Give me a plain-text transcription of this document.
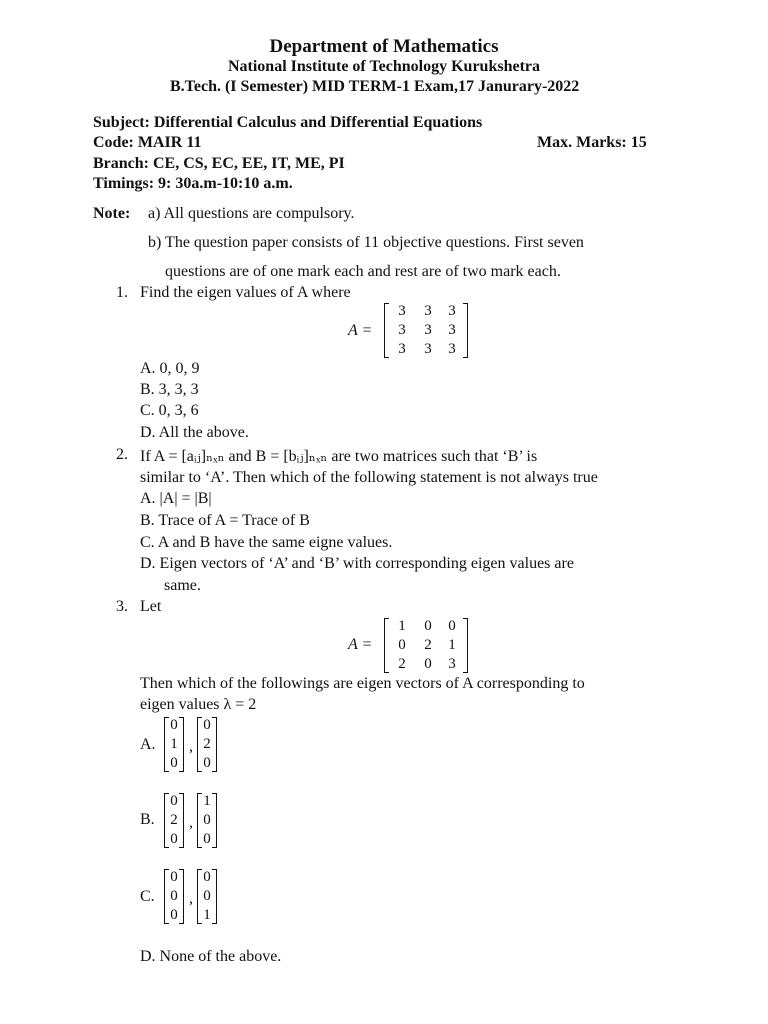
Department of Mathematics
National Institute of Technology Kurukshetra
B.Tech. (I Semester) MID TERM-1 Exam,17 Janurary-2022
Subject: Differential Calculus and Differential Equations
Code: MAIR 11	Max. Marks: 15
Branch: CE, CS, EC, EE, IT, ME, PI
Timings: 9: 30a.m-10:10 a.m.
Note: a) All questions are compulsory.
b) The question paper consists of 11 objective questions. First seven
questions are of one mark each and rest are of two mark each.
1. Find the eigen values of A where
A =
3	3	3
3	3	3
3	3	3
A. 0, 0, 9
B. 3, 3, 3
C. 0, 3, 6
D. All the above.
2. If A = [aᵢⱼ]ₙₓₙ and B = [bᵢⱼ]ₙₓₙ are two matrices such that ‘B’ is
similar to ‘A’. Then which of the following statement is not always true
A. |A| = |B|
B. Trace of A = Trace of B
C. A and B have the same eigne values.
D. Eigen vectors of ‘A’ and ‘B’ with corresponding eigen values are
same.
3. Let
A =
1	0	0
0	2	1
2	0	3
Then which of the followings are eigen vectors of A corresponding to
eigen values λ = 2
A.
0
1
0
,
0
2
0
B.
0
2
0
,
1
0
0
C.
0
0
0
,
0
0
1
D. None of the above.
